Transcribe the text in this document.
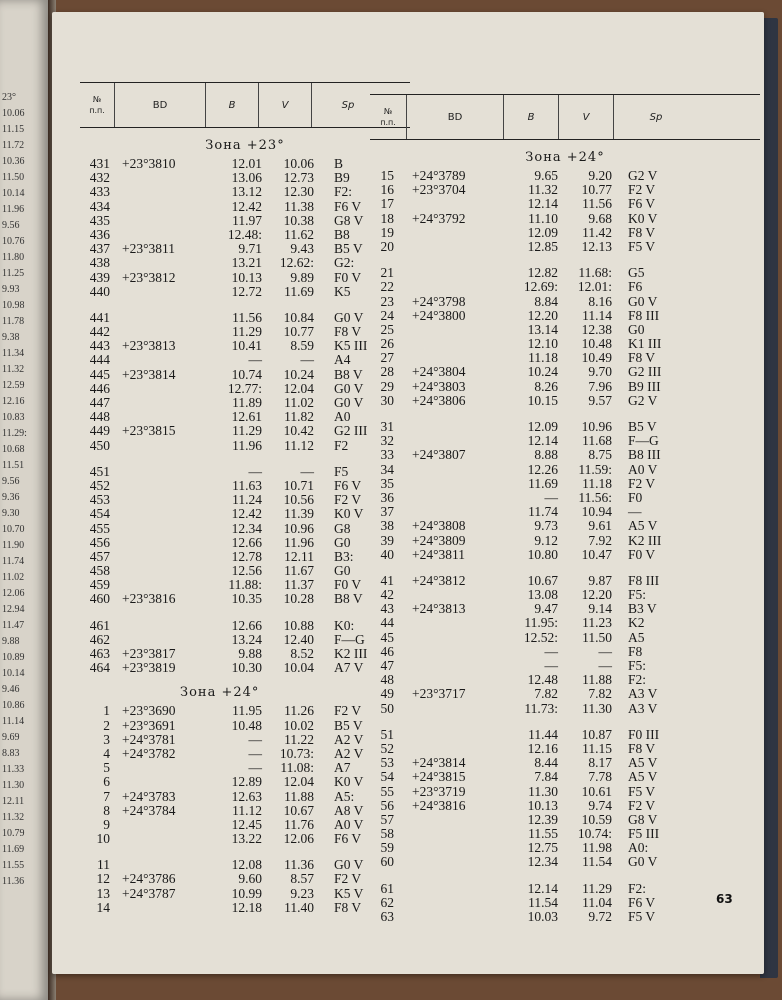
23°
10.06
11.15
11.72
10.36
11.50
10.14
11.96
9.56
10.76
11.80
11.25
9.93
10.98
11.78
9.38
11.34
11.32
12.59
12.16
10.83
11.29:
10.68
11.51
9.56
9.36
9.30
10.70
11.90
11.74
11.02
12.06
12.94
11.47
9.88
10.89
10.14
9.46
10.86
11.14
9.69
8.83
11.33
11.30
12.11
11.32
10.79
11.69
11.55
11.36
№
п.п.	BD	B	V	Sp
Зона +23°
431 +23°3810	12.01	10.06	B
432	13.06	12.73	B9
433	13.12	12.30	F2:
434	12.42	11.38	F6 V
435	11.97	10.38	G8 V
436	12.48:	11.62	B8
437 +23°3811	9.71	9.43	B5 V
438	13.21	12.62:	G2:
439 +23°3812	10.13	9.89	F0 V
440	12.72	11.69	K5
441	11.56	10.84	G0 V
442	11.29	10.77	F8 V
443 +23°3813	10.41	8.59	K5 III
444	—	—	A4
445 +23°3814	10.74	10.24	B8 V
446	12.77:	12.04	G0 V
447	11.89	11.02	G0 V
448	12.61	11.82	A0
449 +23°3815	11.29	10.42	G2 III
450	11.96	11.12	F2
451	—	—	F5
452	11.63	10.71	F6 V
453	11.24	10.56	F2 V
454	12.42	11.39	K0 V
455	12.34	10.96	G8
456	12.66	11.96	G0
457	12.78	12.11	B3:
458	12.56	11.67	G0
459	11.88:	11.37	F0 V
460 +23°3816	10.35	10.28	B8 V
461	12.66	10.88	K0:
462	13.24	12.40	F—G
463 +23°3817	9.88	8.52	K2 III
464 +23°3819	10.30	10.04	A7 V
Зона +24°
1 +23°3690	11.95	11.26	F2 V
2 +23°3691	10.48	10.02	B5 V
3 +24°3781	—	11.22	A2 V
4 +24°3782	—	10.73:	A2 V
5	—	11.08:	A7
6	12.89	12.04	K0 V
7 +24°3783	12.63	11.88	A5:
8 +24°3784	11.12	10.67	A8 V
9	12.45	11.76	A0 V
10	13.22	12.06	F6 V
11	12.08	11.36	G0 V
12 +24°3786	9.60	8.57	F2 V
13 +24°3787	10.99	9.23	K5 V
14	12.18	11.40	F8 V
№
п.п.	BD	B	V	Sp
Зона +24°
15	+24°3789	9.65	9.20	G2 V
16	+23°3704	11.32	10.77	F2 V
17	12.14	11.56	F6 V
18	+24°3792	11.10	9.68	K0 V
19	12.09	11.42	F8 V
20	12.85	12.13	F5 V
21	12.82	11.68:	G5
22	12.69:	12.01:	F6
23	+24°3798	8.84	8.16	G0 V
24	+24°3800	12.20	11.14	F8 III
25	13.14	12.38	G0
26	12.10	10.48	K1 III
27	11.18	10.49	F8 V
28	+24°3804	10.24	9.70	G2 III
29	+24°3803	8.26	7.96	B9 III
30	+24°3806	10.15	9.57	G2 V
31	12.09	10.96	B5 V
32	12.14	11.68	F—G
33	+24°3807	8.88	8.75	B8 III
34	12.26	11.59:	A0 V
35	11.69	11.18	F2 V
36	—	11.56:	F0
37	11.74	10.94	—
38	+24°3808	9.73	9.61	A5 V
39	+24°3809	9.12	7.92	K2 III
40	+24°3811	10.80	10.47	F0 V
41	+24°3812	10.67	9.87	F8 III
42	13.08	12.20	F5:
43	+24°3813	9.47	9.14	B3 V
44	11.95:	11.23	K2
45	12.52:	11.50	A5
46	—	—	F8
47	—	—	F5:
48	12.48	11.88	F2:
49	+23°3717	7.82	7.82	A3 V
50	11.73:	11.30	A3 V
51	11.44	10.87	F0 III
52	12.16	11.15	F8 V
53	+24°3814	8.44	8.17	A5 V
54	+24°3815	7.84	7.78	A5 V
55	+23°3719	11.30	10.61	F5 V
56	+24°3816	10.13	9.74	F2 V
57	12.39	10.59	G8 V
58	11.55	10.74:	F5 III
59	12.75	11.98	A0:
60	12.34	11.54	G0 V
61	12.14	11.29	F2:
62	11.54	11.04	F6 V
63	10.03	9.72	F5 V
63
